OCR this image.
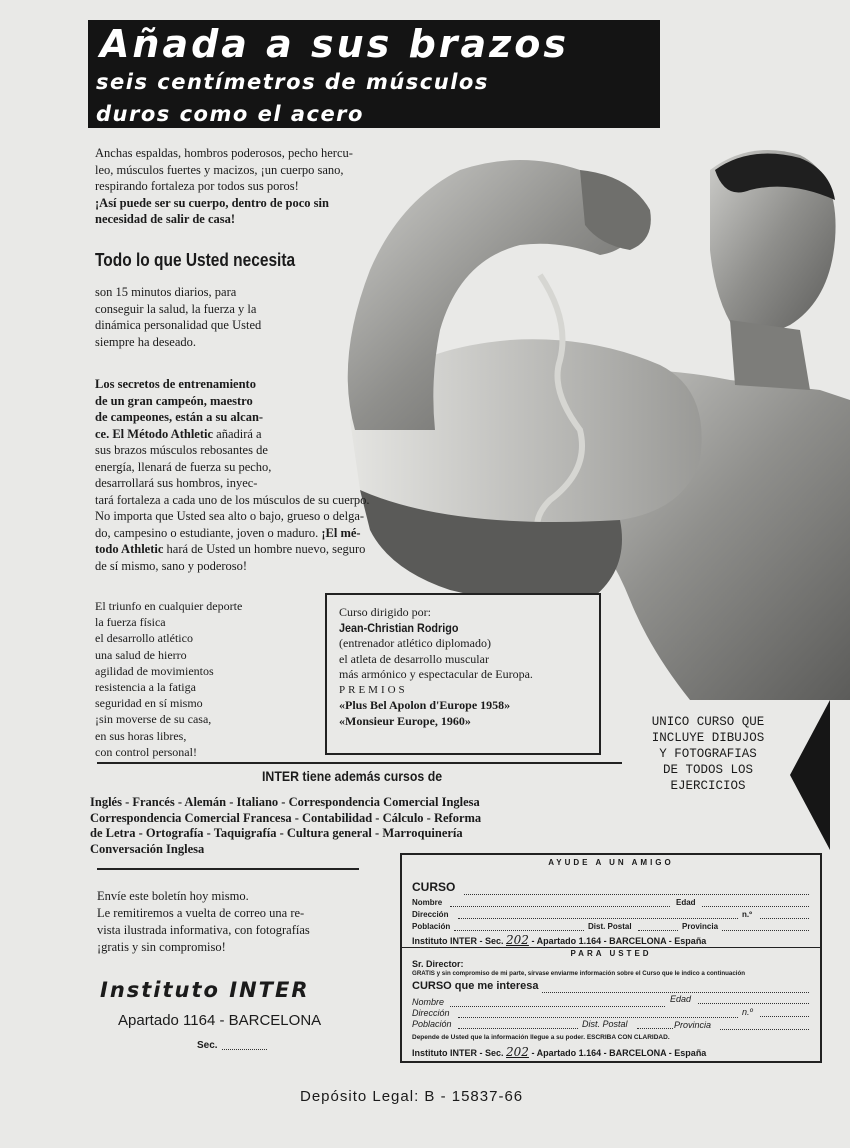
Añada a sus brazos
seis centímetros de músculos
duros como el acero
Anchas espaldas, hombros poderosos, pecho hercu-
leo, músculos fuertes y macizos, ¡un cuerpo sano,
respirando fortaleza por todos sus poros!
¡Así puede ser su cuerpo, dentro de poco sin
necesidad de salir de casa!
Todo lo que Usted necesita
son 15 minutos diarios, para
conseguir la salud, la fuerza y la
dinámica personalidad que Usted
siempre ha deseado.
Los secretos de entrenamiento
de un gran campeón, maestro
de campeones, están a su alcan-
ce. El Método Athletic añadirá a
sus brazos músculos rebosantes de
energía, llenará de fuerza su pecho,
desarrollará sus hombros, inyec-
tará fortaleza a cada uno de los músculos de su cuerpo.
No importa que Usted sea alto o bajo, grueso o delga-
do, campesino o estudiante, joven o maduro. ¡El mé-
todo Athletic hará de Usted un hombre nuevo, seguro
de sí mismo, sano y poderoso!
El triunfo en cualquier deporte
la fuerza física
el desarrollo atlético
una salud de hierro
agilidad de movimientos
resistencia a la fatiga
seguridad en sí mismo
¡sin moverse de su casa,
en sus horas libres,
con control personal!
Curso dirigido por:
Jean-Christian Rodrigo
(entrenador atlético diplomado)
el atleta de desarrollo muscular
más armónico y espectacular de Europa.
PREMIOS
«Plus Bel Apolon d'Europe 1958»
«Monsieur Europe, 1960»	UNICO CURSO QUE
INCLUYE DIBUJOS
Y FOTOGRAFIAS
DE TODOS LOS
EJERCICIOS
INTER tiene además cursos de
Inglés - Francés - Alemán - Italiano - Correspondencia Comercial Inglesa
Correspondencia Comercial Francesa - Contabilidad - Cálculo - Reforma
de Letra - Ortografía - Taquigrafía - Cultura general - Marroquinería
Conversación Inglesa
Envíe este boletín hoy mismo.
Le remitiremos a vuelta de correo una re-
vista ilustrada informativa, con fotografías
¡gratis y sin compromiso!
Instituto INTER
Apartado 1164 - BARCELONA
Sec.
AYUDE A UN AMIGO
CURSO
Nombre	Edad
Dirección	n.º
Población	Dist. Postal	Provincia
Instituto INTER - Sec. 202 - Apartado 1.164 - BARCELONA - España
PARA USTED
Sr. Director:
GRATIS y sin compromiso de mi parte, sírvase enviarme información sobre el Curso que le indico a continuación
CURSO que me interesa
Nombre	Edad
Dirección	n.º
Población	Dist. Postal	Provincia
Depende de Usted que la información llegue a su poder. ESCRIBA CON CLARIDAD.
Instituto INTER - Sec. 202 - Apartado 1.164 - BARCELONA - España
Depósito Legal: B - 15837-66
